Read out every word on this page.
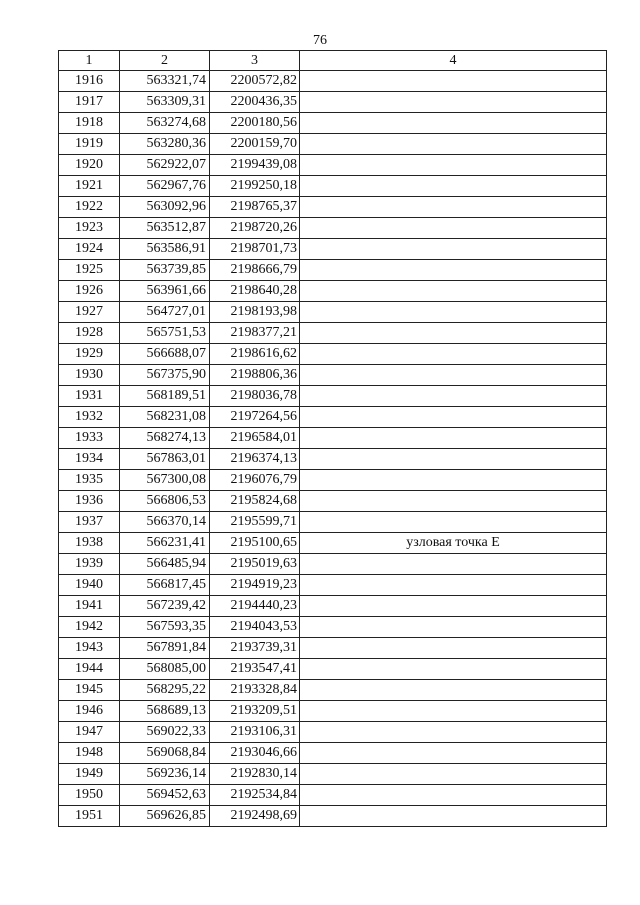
76
1	2	3	4
1916	563321,74	2200572,82	
1917	563309,31	2200436,35	
1918	563274,68	2200180,56	
1919	563280,36	2200159,70	
1920	562922,07	2199439,08	
1921	562967,76	2199250,18	
1922	563092,96	2198765,37	
1923	563512,87	2198720,26	
1924	563586,91	2198701,73	
1925	563739,85	2198666,79	
1926	563961,66	2198640,28	
1927	564727,01	2198193,98	
1928	565751,53	2198377,21	
1929	566688,07	2198616,62	
1930	567375,90	2198806,36	
1931	568189,51	2198036,78	
1932	568231,08	2197264,56	
1933	568274,13	2196584,01	
1934	567863,01	2196374,13	
1935	567300,08	2196076,79	
1936	566806,53	2195824,68	
1937	566370,14	2195599,71	
1938	566231,41	2195100,65	узловая точка Е
1939	566485,94	2195019,63	
1940	566817,45	2194919,23	
1941	567239,42	2194440,23	
1942	567593,35	2194043,53	
1943	567891,84	2193739,31	
1944	568085,00	2193547,41	
1945	568295,22	2193328,84	
1946	568689,13	2193209,51	
1947	569022,33	2193106,31	
1948	569068,84	2193046,66	
1949	569236,14	2192830,14	
1950	569452,63	2192534,84	
1951	569626,85	2192498,69	
